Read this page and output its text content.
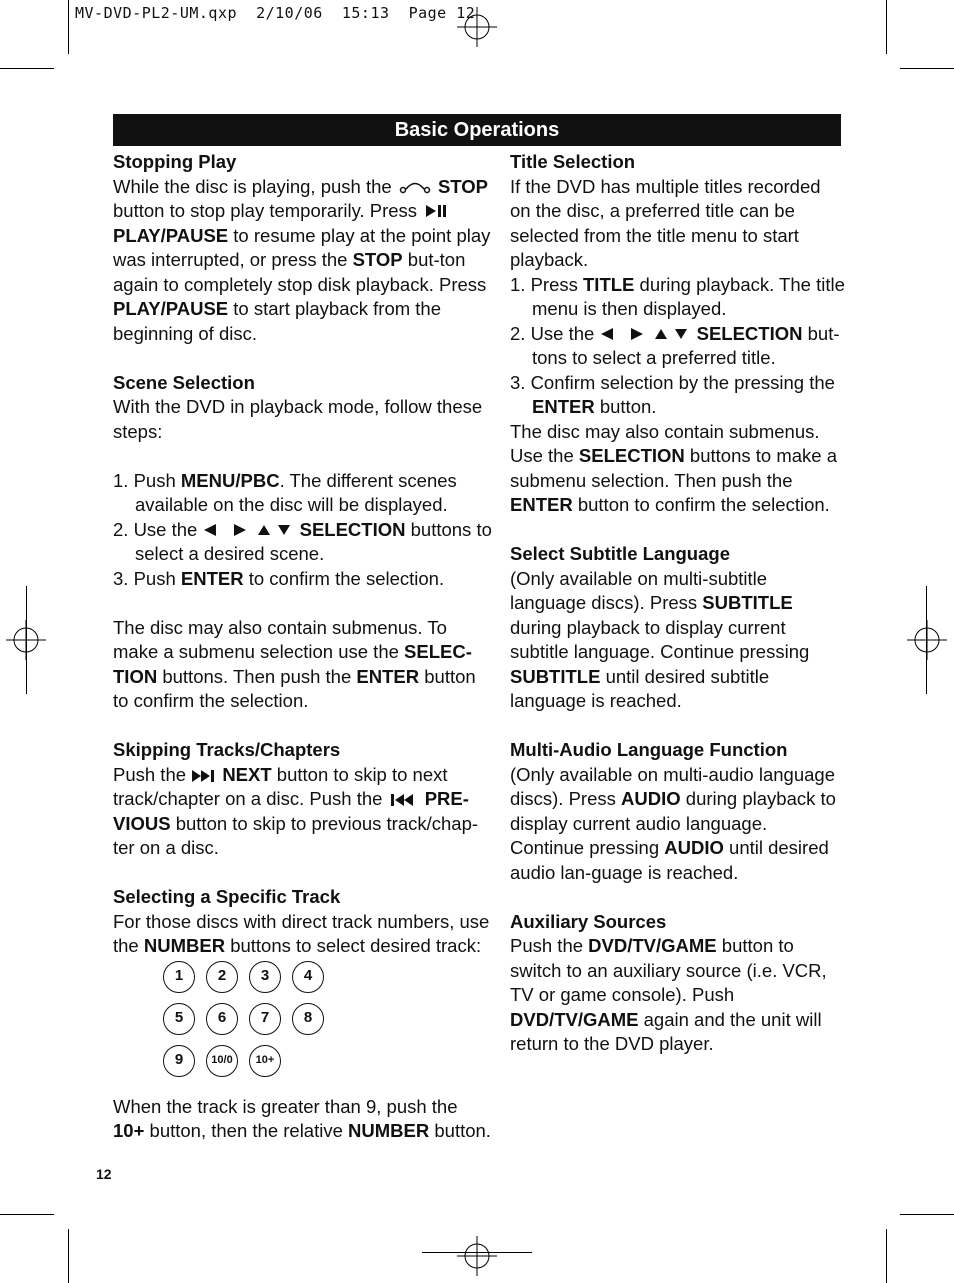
MV-DVD-PL2-UM.qxp  2/10/06  15:13  Page 12
Basic Operations
Stopping Play

While the disc is playing, push the	STOP button to stop play temporarily. Press  PLAY/PAUSE to resume play at the point play was interrupted, or press the STOP but-ton again to completely stop disk playback. Press PLAY/PAUSE to start playback from the beginning of disc.

Scene Selection

With the DVD in playback mode, follow these steps:

1. Push MENU/PBC. The different scenes available on the disc will be displayed.
2. Use the	SELECTION buttons to select a desired scene.
3. Push ENTER to confirm the selection.

The disc may also contain submenus. To make a submenu selection use the SELEC-TION buttons. Then push the ENTER button to confirm the selection.

Skipping Tracks/Chapters

Push the NEXT button to skip to next track/chapter on a disc. Push the PRE-VIOUS button to skip to previous track/chap-ter on a disc.

Selecting a Specific Track

For those discs with direct track numbers, use the NUMBER buttons to select desired track:

1	2	3	4
5	6	7	8
9	10/0	10+

When the track is greater than 9, push the 10+ button, then the relative NUMBER button.

Title Selection

If the DVD has multiple titles recorded on the disc, a preferred title can be selected from the title menu to start playback.

1. Press TITLE during playback. The title menu is then displayed.
2. Use the	SELECTION but-tons to select a preferred title.
3. Confirm selection by the pressing the ENTER button.

The disc may also contain submenus. Use the SELECTION buttons to make a submenu selection. Then push the ENTER button to confirm the selection.

Select Subtitle Language

(Only available on multi-subtitle language discs). Press SUBTITLE during playback to display current subtitle language. Continue pressing SUBTITLE until desired subtitle language is reached.

Multi-Audio Language Function

(Only available on multi-audio language discs). Press AUDIO during playback to display current audio language. Continue pressing AUDIO until desired audio lan-guage is reached.

Auxiliary Sources

Push the DVD/TV/GAME button to switch to an auxiliary source (i.e. VCR, TV or game console). Push DVD/TV/GAME again and the unit will return to the DVD player.

12
